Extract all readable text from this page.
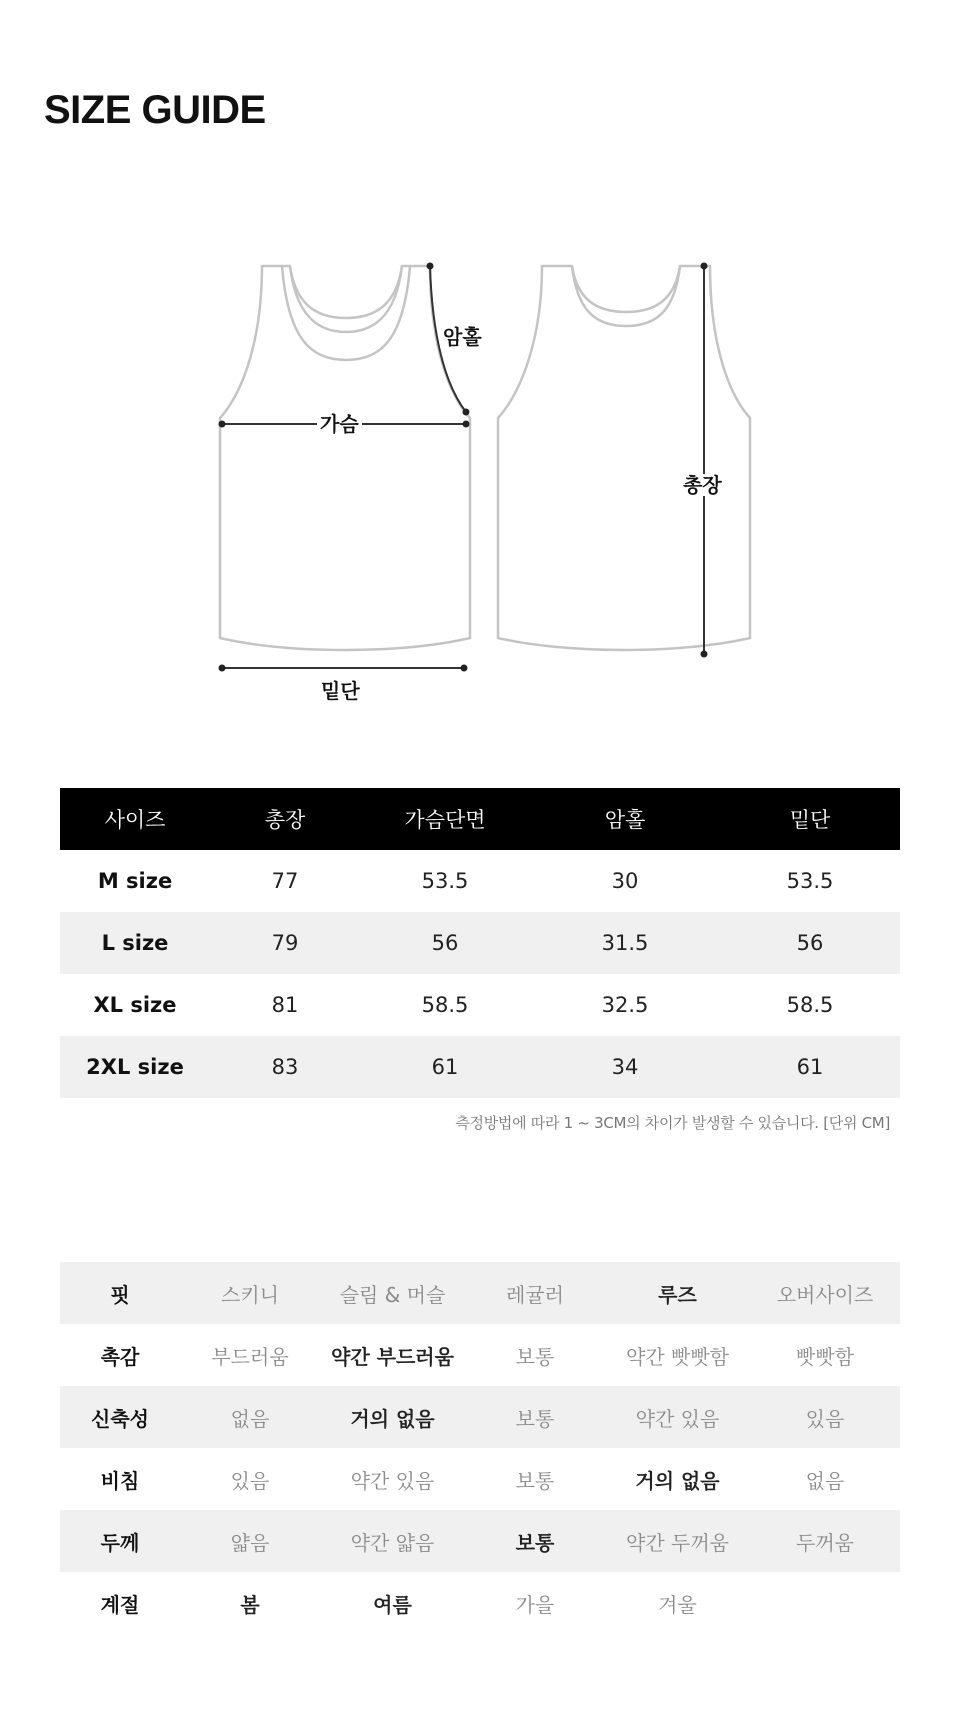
SIZE GUIDE
암홀
가슴
밑단
총장
사이즈	총장	가슴단면	암홀	밑단
M size	77	53.5	30	53.5
L size	79	56	31.5	56
XL size	81	58.5	32.5	58.5
2XL size	83	61	34	61
측정방법에 따라 1 ~ 3CM의 차이가 발생할 수 있습니다. [단위 CM]
핏	스키니	슬림 & 머슬	레귤러	루즈	오버사이즈
촉감	부드러움	약간 부드러움	보통	약간 빳빳함	빳빳함
신축성	없음	거의 없음	보통	약간 있음	있음
비침	있음	약간 있음	보통	거의 없음	없음
두께	얇음	약간 얇음	보통	약간 두꺼움	두꺼움
계절	봄	여름	가을	겨울	
